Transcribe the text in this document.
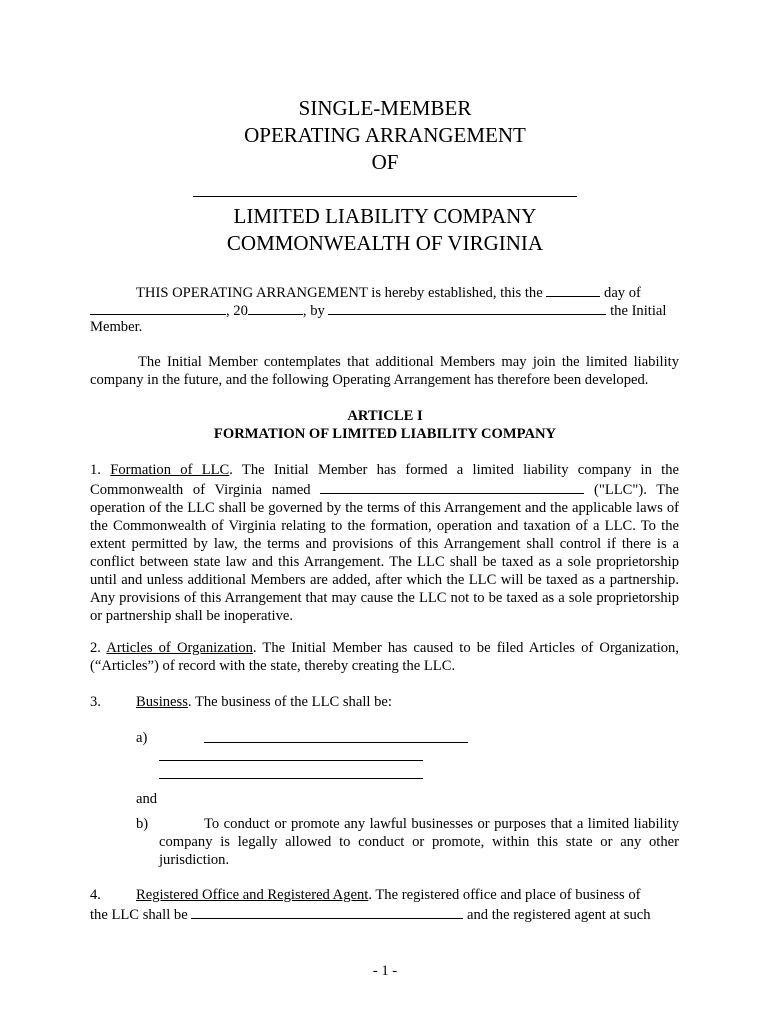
SINGLE-MEMBER
OPERATING ARRANGEMENT
OF
LIMITED LIABILITY COMPANY
COMMONWEALTH OF VIRGINIA
THIS OPERATING ARRANGEMENT is hereby established, this the	day of
, 20	, by	the Initial
Member.
The Initial Member contemplates that additional Members may join the limited liability company in the future, and the following Operating Arrangement has therefore been developed.
ARTICLE I
FORMATION OF LIMITED LIABILITY COMPANY
1. Formation of LLC. The Initial Member has formed a limited liability company in the Commonwealth of Virginia named	("LLC"). The operation of the LLC shall be governed by the terms of this Arrangement and the applicable laws of the Commonwealth of Virginia relating to the formation, operation and taxation of a LLC. To the extent permitted by law, the terms and provisions of this Arrangement shall control if there is a conflict between state law and this Arrangement. The LLC shall be taxed as a sole proprietorship until and unless additional Members are added, after which the LLC will be taxed as a partnership. Any provisions of this Arrangement that may cause the LLC not to be taxed as a sole proprietorship or partnership shall be inoperative.
2. Articles of Organization. The Initial Member has caused to be filed Articles of Organization, (“Articles”) of record with the state, thereby creating the LLC.
3. Business. The business of the LLC shall be:
a)
and
b)	To conduct or promote any lawful businesses or purposes that a limited liability company is legally allowed to conduct or promote, within this state or any other jurisdiction.
4. Registered Office and Registered Agent. The registered office and place of business of
the LLC shall be	and the registered agent at such
- 1 -
